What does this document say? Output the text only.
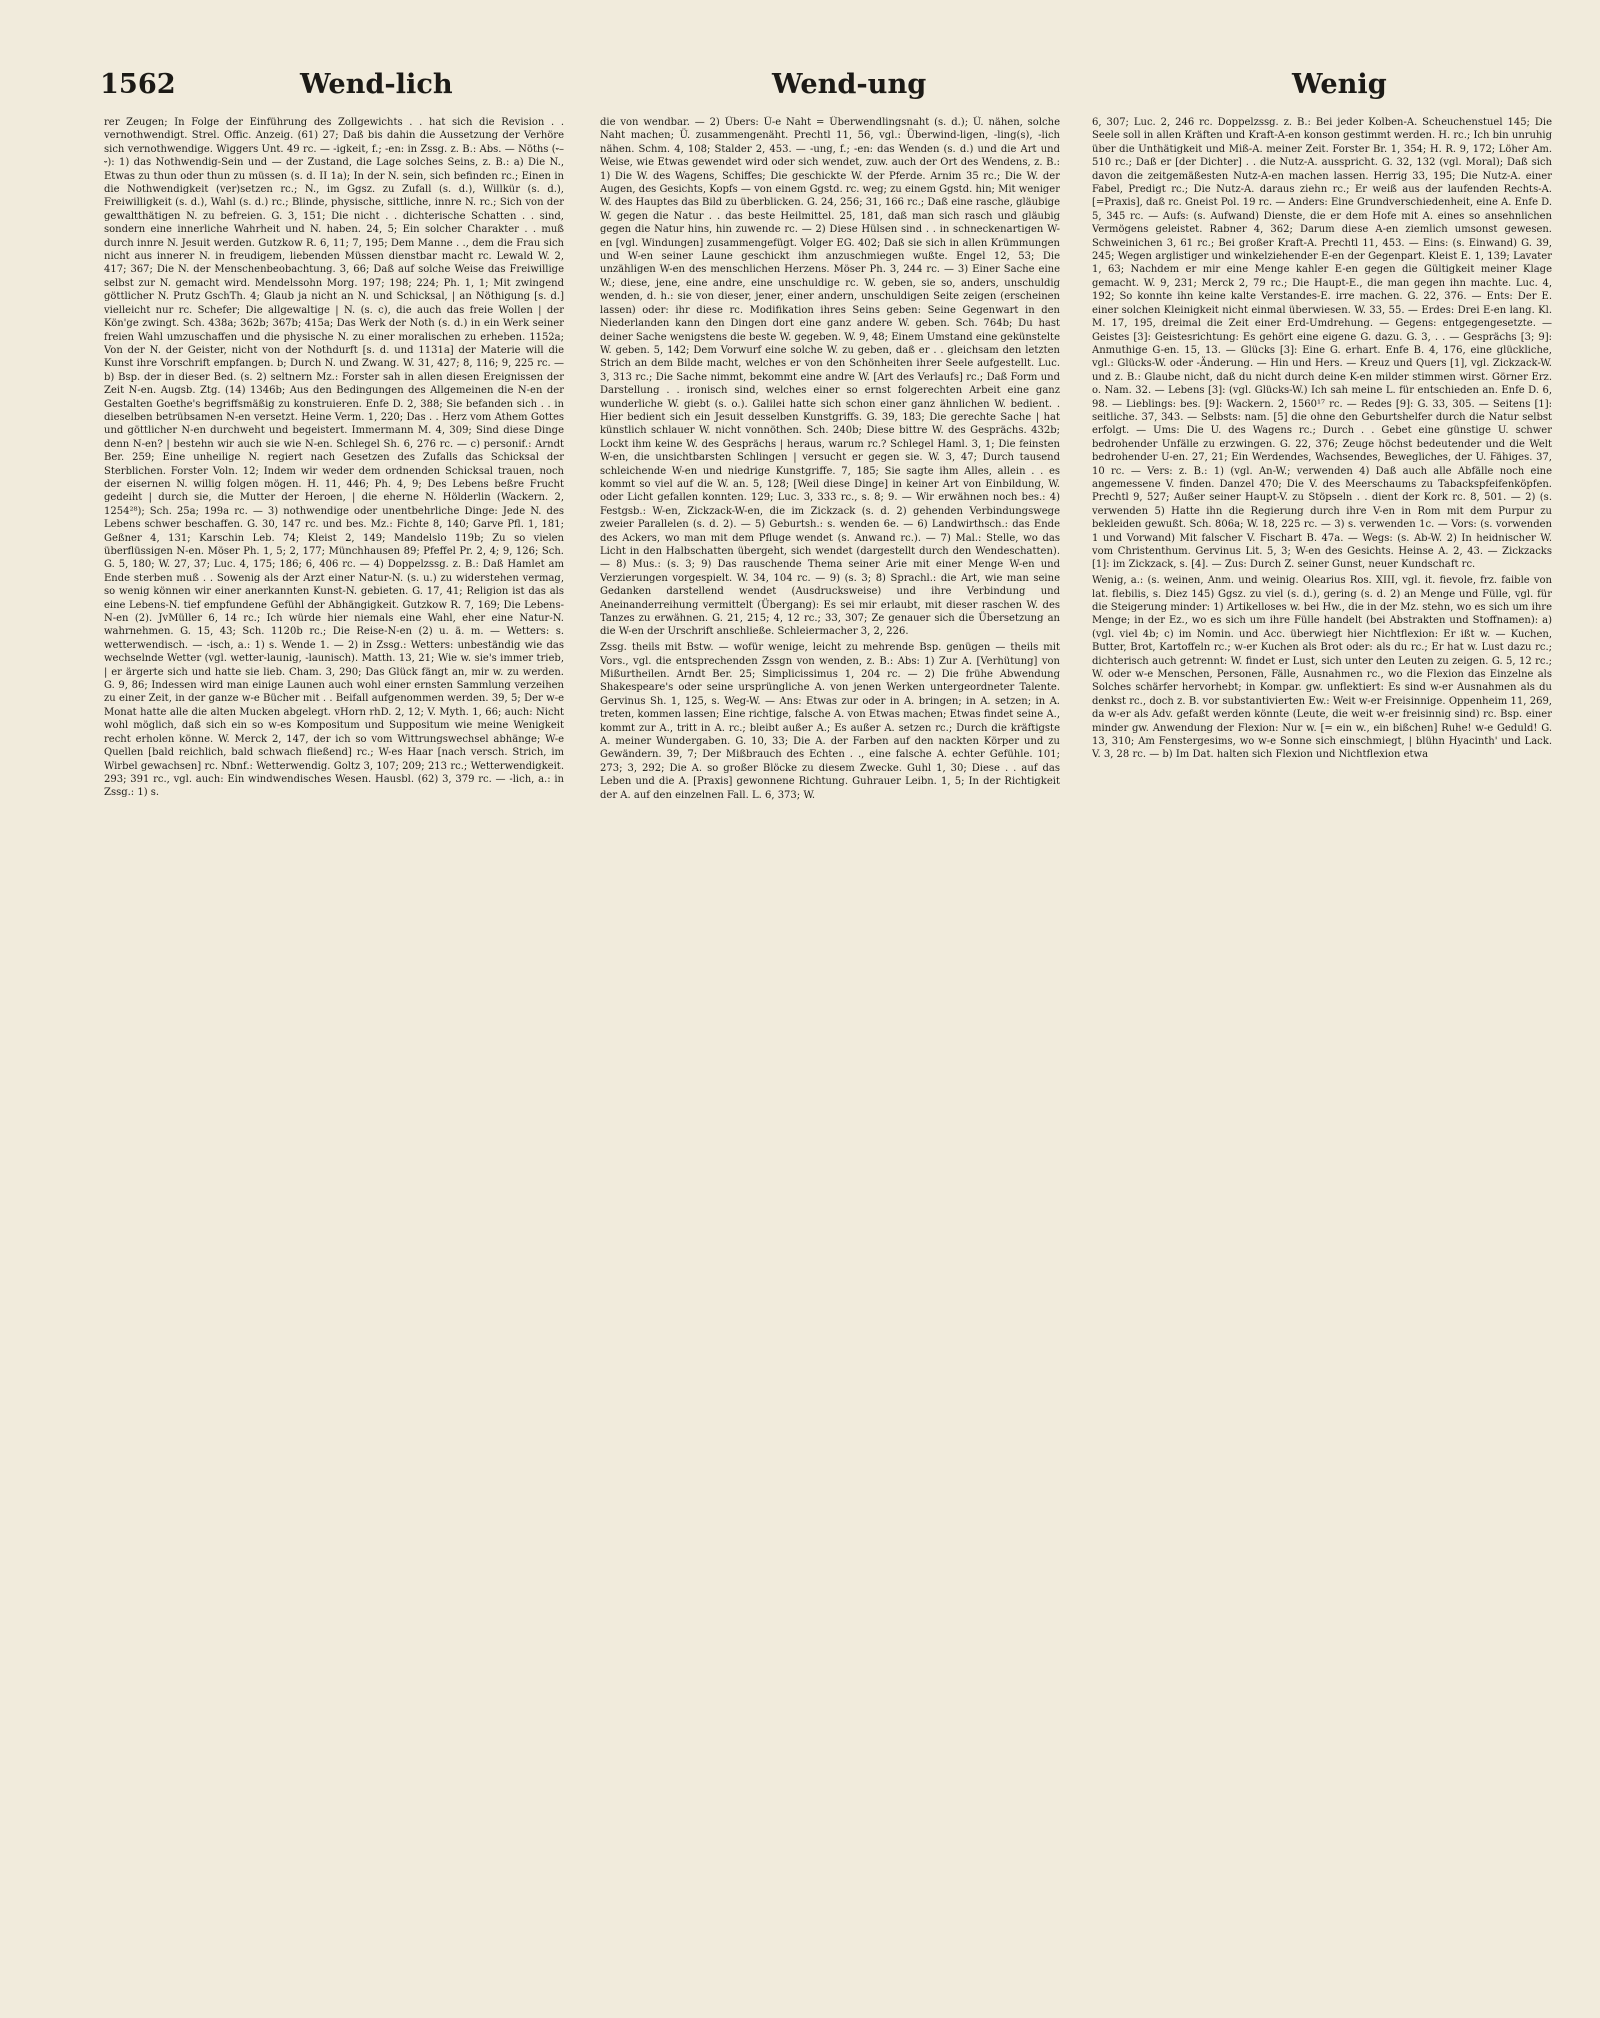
1562	Wend-lich	Wend-ung	Wenig

rer Zeugen; In Folge der Einführung des Zollgewichts . . hat sich die Revision . . vernothwendigt. Strel. Offic. Anzeig. (61) 27; Daß bis dahin die Aussetzung der Verhöre sich vernothwendige. Wiggers Unt. 49 rc. — -igkeit, f.; -en: in Zssg. z. B.: Abs. — Nöths (⏑–⏑): 1) das Nothwendig-Sein und — der Zustand, die Lage solches Seins, z. B.: a) Die N., Etwas zu thun oder thun zu müssen (s. d. II 1a); In der N. sein, sich befinden rc.; Einen in die Nothwendigkeit (ver)setzen rc.; N., im Ggsz. zu Zufall (s. d.), Willkür (s. d.), Freiwilligkeit (s. d.), Wahl (s. d.) rc.; Blinde, physische, sittliche, innre N. rc.; Sich von der gewaltthätigen N. zu befreien. G. 3, 151; Die nicht . . dichterische Schatten . . sind, sondern eine innerliche Wahrheit und N. haben. 24, 5; Ein solcher Charakter . . muß durch innre N. Jesuit werden. Gutzkow R. 6, 11; 7, 195; Dem Manne . ., dem die Frau sich nicht aus innerer N. in freudigem, liebenden Müssen dienstbar macht rc. Lewald W. 2, 417; 367; Die N. der Menschenbeobachtung. 3, 66; Daß auf solche Weise das Freiwillige selbst zur N. gemacht wird. Mendelssohn Morg. 197; 198; 224; Ph. 1, 1; Mit zwingend göttlicher N. Prutz GschTh. 4; Glaub ja nicht an N. und Schicksal, | an Nöthigung [s. d.] vielleicht nur rc. Schefer; Die allgewaltige | N. (s. c), die auch das freie Wollen | der Kön'ge zwingt. Sch. 438a; 362b; 367b; 415a; Das Werk der Noth (s. d.) in ein Werk seiner freien Wahl umzuschaffen und die physische N. zu einer moralischen zu erheben. 1152a; Von der N. der Geister, nicht von der Nothdurft [s. d. und 1131a] der Materie will die Kunst ihre Vorschrift empfangen. b; Durch N. und Zwang. W. 31, 427; 8, 116; 9, 225 rc. — b) Bsp. der in dieser Bed. (s. 2) seltnern Mz.: Forster sah in allen diesen Ereignissen der Zeit N-en. Augsb. Ztg. (14) 1346b; Aus den Bedingungen des Allgemeinen die N-en der Gestalten Goethe's begriffsmäßig zu konstruieren. Enfe D. 2, 388; Sie befanden sich . . in dieselben betrübsamen N-en versetzt. Heine Verm. 1, 220; Das . . Herz vom Athem Gottes und göttlicher N-en durchweht und begeistert. Immermann M. 4, 309; Sind diese Dinge denn N-en? | bestehn wir auch sie wie N-en. Schlegel Sh. 6, 276 rc. — c) personif.: Arndt Ber. 259; Eine unheilige N. regiert nach Gesetzen des Zufalls das Schicksal der Sterblichen. Forster Voln. 12; Indem wir weder dem ordnenden Schicksal trauen, noch der eisernen N. willig folgen mögen. H. 11, 446; Ph. 4, 9; Des Lebens beßre Frucht gedeiht | durch sie, die Mutter der Heroen, | die eherne N. Hölderlin (Wackern. 2, 1254²⁸); Sch. 25a; 199a rc. — 3) nothwendige oder unentbehrliche Dinge: Jede N. des Lebens schwer beschaffen. G. 30, 147 rc. und bes. Mz.: Fichte 8, 140; Garve Pfl. 1, 181; Geßner 4, 131; Karschin Leb. 74; Kleist 2, 149; Mandelslo 119b; Zu so vielen überflüssigen N-en. Möser Ph. 1, 5; 2, 177; Münchhausen 89; Pfeffel Pr. 2, 4; 9, 126; Sch. G. 5, 180; W. 27, 37; Luc. 4, 175; 186; 6, 406 rc. — 4) Doppelzssg. z. B.: Daß Hamlet am Ende sterben muß . . Sowenig als der Arzt einer Natur-N. (s. u.) zu widerstehen vermag, so wenig können wir einer anerkannten Kunst-N. gebieten. G. 17, 41; Religion ist das als eine Lebens-N. tief empfundene Gefühl der Abhängigkeit. Gutzkow R. 7, 169; Die Lebens-N-en (2). JvMüller 6, 14 rc.; Ich würde hier niemals eine Wahl, eher eine Natur-N. wahrnehmen. G. 15, 43; Sch. 1120b rc.; Die Reise-N-en (2) u. ä. m. — Wetters: s. wetterwendisch. — -isch, a.: 1) s. Wende 1. — 2) in Zssg.: Wetters: unbeständig wie das wechselnde Wetter (vgl. wetter-launig, -launisch). Matth. 13, 21; Wie w. sie's immer trieb, | er ärgerte sich und hatte sie lieb. Cham. 3, 290; Das Glück fängt an, mir w. zu werden. G. 9, 86; Indessen wird man einige Launen auch wohl einer ernsten Sammlung verzeihen zu einer Zeit, in der ganze w-e Bücher mit . . Beifall aufgenommen werden. 39, 5; Der w-e Monat hatte alle die alten Mucken abgelegt. vHorn rhD. 2, 12; V. Myth. 1, 66; auch: Nicht wohl möglich, daß sich ein so w-es Kompositum und Suppositum wie meine Wenigkeit recht erholen könne. W. Merck 2, 147, der ich so vom Wittrungswechsel abhänge; W-e Quellen [bald reichlich, bald schwach fließend] rc.; W-es Haar [nach versch. Strich, im Wirbel gewachsen] rc. Nbnf.: Wetterwendig. Goltz 3, 107; 209; 213 rc.; Wetterwendigkeit. 293; 391 rc., vgl. auch: Ein windwendisches Wesen. Hausbl. (62) 3, 379 rc. — -lich, a.: in Zssg.: 1) s.

die von wendbar. — 2) Übers: Ü-e Naht = Überwendlingsnaht (s. d.); Ü. nähen, solche Naht machen; Ü. zusammengenäht. Prechtl 11, 56, vgl.: Überwind-ligen, -ling(s), -lich nähen. Schm. 4, 108; Stalder 2, 453. — -ung, f.; -en: das Wenden (s. d.) und die Art und Weise, wie Etwas gewendet wird oder sich wendet, zuw. auch der Ort des Wendens, z. B.: 1) Die W. des Wagens, Schiffes; Die geschickte W. der Pferde. Arnim 35 rc.; Die W. der Augen, des Gesichts, Kopfs — von einem Ggstd. rc. weg; zu einem Ggstd. hin; Mit weniger W. des Hauptes das Bild zu überblicken. G. 24, 256; 31, 166 rc.; Daß eine rasche, gläubige W. gegen die Natur . . das beste Heilmittel. 25, 181, daß man sich rasch und gläubig gegen die Natur hins, hin zuwende rc. — 2) Diese Hülsen sind . . in schneckenartigen W-en [vgl. Windungen] zusammengefügt. Volger EG. 402; Daß sie sich in allen Krümmungen und W-en seiner Laune geschickt ihm anzuschmiegen wußte. Engel 12, 53; Die unzähligen W-en des menschlichen Herzens. Möser Ph. 3, 244 rc. — 3) Einer Sache eine W.; diese, jene, eine andre, eine unschuldige rc. W. geben, sie so, anders, unschuldig wenden, d. h.: sie von dieser, jener, einer andern, unschuldigen Seite zeigen (erscheinen lassen) oder: ihr diese rc. Modifikation ihres Seins geben: Seine Gegenwart in den Niederlanden kann den Dingen dort eine ganz andere W. geben. Sch. 764b; Du hast deiner Sache wenigstens die beste W. gegeben. W. 9, 48; Einem Umstand eine gekünstelte W. geben. 5, 142; Dem Vorwurf eine solche W. zu geben, daß er . . gleichsam den letzten Strich an dem Bilde macht, welches er von den Schönheiten ihrer Seele aufgestellt. Luc. 3, 313 rc.; Die Sache nimmt, bekommt eine andre W. [Art des Verlaufs] rc.; Daß Form und Darstellung . . ironisch sind, welches einer so ernst folgerechten Arbeit eine ganz wunderliche W. giebt (s. o.). Galilei hatte sich schon einer ganz ähnlichen W. bedient. . Hier bedient sich ein Jesuit desselben Kunstgriffs. G. 39, 183; Die gerechte Sache | hat künstlich schlauer W. nicht vonnöthen. Sch. 240b; Diese bittre W. des Gesprächs. 432b; Lockt ihm keine W. des Gesprächs | heraus, warum rc.? Schlegel Haml. 3, 1; Die feinsten W-en, die unsichtbarsten Schlingen | versucht er gegen sie. W. 3, 47; Durch tausend schleichende W-en und niedrige Kunstgriffe. 7, 185; Sie sagte ihm Alles, allein . . es kommt so viel auf die W. an. 5, 128; [Weil diese Dinge] in keiner Art von Einbildung, W. oder Licht gefallen konnten. 129; Luc. 3, 333 rc., s. 8; 9. — Wir erwähnen noch bes.: 4) Festgsb.: W-en, Zickzack-W-en, die im Zickzack (s. d. 2) gehenden Verbindungswege zweier Parallelen (s. d. 2). — 5) Geburtsh.: s. wenden 6e. — 6) Landwirthsch.: das Ende des Ackers, wo man mit dem Pfluge wendet (s. Anwand rc.). — 7) Mal.: Stelle, wo das Licht in den Halbschatten übergeht, sich wendet (dargestellt durch den Wendeschatten). — 8) Mus.: (s. 3; 9) Das rauschende Thema seiner Arie mit einer Menge W-en und Verzierungen vorgespielt. W. 34, 104 rc. — 9) (s. 3; 8) Sprachl.: die Art, wie man seine Gedanken darstellend wendet (Ausdrucksweise) und ihre Verbindung und Aneinanderreihung vermittelt (Übergang): Es sei mir erlaubt, mit dieser raschen W. des Tanzes zu erwähnen. G. 21, 215; 4, 12 rc.; 33, 307; Ze genauer sich die Übersetzung an die W-en der Urschrift anschließe. Schleiermacher 3, 2, 226.

Zssg. theils mit Bstw. — wofür wenige, leicht zu mehrende Bsp. genügen — theils mit Vors., vgl. die entsprechenden Zssgn von wenden, z. B.: Abs: 1) Zur A. [Verhütung] von Mißurtheilen. Arndt Ber. 25; Simplicissimus 1, 204 rc. — 2) Die frühe Abwendung Shakespeare's oder seine ursprüngliche A. von jenen Werken untergeordneter Talente. Gervinus Sh. 1, 125, s. Weg-W. — Ans: Etwas zur oder in A. bringen; in A. setzen; in A. treten, kommen lassen; Eine richtige, falsche A. von Etwas machen; Etwas findet seine A., kommt zur A., tritt in A. rc.; bleibt außer A.; Es außer A. setzen rc.; Durch die kräftigste A. meiner Wundergaben. G. 10, 33; Die A. der Farben auf den nackten Körper und zu Gewändern. 39, 7; Der Mißbrauch des Echten . ., eine falsche A. echter Gefühle. 101; 273; 3, 292; Die A. so großer Blöcke zu diesem Zwecke. Guhl 1, 30; Diese . . auf das Leben und die A. [Praxis] gewonnene Richtung. Guhrauer Leibn. 1, 5; In der Richtigkeit der A. auf den einzelnen Fall. L. 6, 373; W.

6, 307; Luc. 2, 246 rc. Doppelzssg. z. B.: Bei jeder Kolben-A. Scheuchenstuel 145; Die Seele soll in allen Kräften und Kraft-A-en konson gestimmt werden. H. rc.; Ich bin unruhig über die Unthätigkeit und Miß-A. meiner Zeit. Forster Br. 1, 354; H. R. 9, 172; Löher Am. 510 rc.; Daß er [der Dichter] . . die Nutz-A. ausspricht. G. 32, 132 (vgl. Moral); Daß sich davon die zeitgemäßesten Nutz-A-en machen lassen. Herrig 33, 195; Die Nutz-A. einer Fabel, Predigt rc.; Die Nutz-A. daraus ziehn rc.; Er weiß aus der laufenden Rechts-A. [=Praxis], daß rc. Gneist Pol. 19 rc. — Anders: Eine Grundverschiedenheit, eine A. Enfe D. 5, 345 rc. — Aufs: (s. Aufwand) Dienste, die er dem Hofe mit A. eines so ansehnlichen Vermögens geleistet. Rabner 4, 362; Darum diese A-en ziemlich umsonst gewesen. Schweinichen 3, 61 rc.; Bei großer Kraft-A. Prechtl 11, 453. — Eins: (s. Einwand) G. 39, 245; Wegen arglistiger und winkelziehender E-en der Gegenpart. Kleist E. 1, 139; Lavater 1, 63; Nachdem er mir eine Menge kahler E-en gegen die Gültigkeit meiner Klage gemacht. W. 9, 231; Merck 2, 79 rc.; Die Haupt-E., die man gegen ihn machte. Luc. 4, 192; So konnte ihn keine kalte Verstandes-E. irre machen. G. 22, 376. — Ents: Der E. einer solchen Kleinigkeit nicht einmal überwiesen. W. 33, 55. — Erdes: Drei E-en lang. Kl. M. 17, 195, dreimal die Zeit einer Erd-Umdrehung. — Gegens: entgegengesetzte. — Geistes [3]: Geistesrichtung: Es gehört eine eigene G. dazu. G. 3, . . — Gesprächs [3; 9]: Anmuthige G-en. 15, 13. — Glücks [3]: Eine G. erhart. Enfe B. 4, 176, eine glückliche, vgl.: Glücks-W. oder -Änderung. — Hin und Hers. — Kreuz und Quers [1], vgl. Zickzack-W. und z. B.: Glaube nicht, daß du nicht durch deine K-en milder stimmen wirst. Görner Erz. o. Nam. 32. — Lebens [3]: (vgl. Glücks-W.) Ich sah meine L. für entschieden an. Enfe D. 6, 98. — Lieblings: bes. [9]: Wackern. 2, 1560¹⁷ rc. — Redes [9]: G. 33, 305. — Seitens [1]: seitliche. 37, 343. — Selbsts: nam. [5] die ohne den Geburtshelfer durch die Natur selbst erfolgt. — Ums: Die U. des Wagens rc.; Durch . . Gebet eine günstige U. schwer bedrohender Unfälle zu erzwingen. G. 22, 376; Zeuge höchst bedeutender und die Welt bedrohender U-en. 27, 21; Ein Werdendes, Wachsendes, Bewegliches, der U. Fähiges. 37, 10 rc. — Vers: z. B.: 1) (vgl. An-W.; verwenden 4) Daß auch alle Abfälle noch eine angemessene V. finden. Danzel 470; Die V. des Meerschaums zu Tabackspfeifenköpfen. Prechtl 9, 527; Außer seiner Haupt-V. zu Stöpseln . . dient der Kork rc. 8, 501. — 2) (s. verwenden 5) Hatte ihn die Regierung durch ihre V-en in Rom mit dem Purpur zu bekleiden gewußt. Sch. 806a; W. 18, 225 rc. — 3) s. verwenden 1c. — Vors: (s. vorwenden 1 und Vorwand) Mit falscher V. Fischart B. 47a. — Wegs: (s. Ab-W. 2) In heidnischer W. vom Christenthum. Gervinus Lit. 5, 3; W-en des Gesichts. Heinse A. 2, 43. — Zickzacks [1]: im Zickzack, s. [4]. — Zus: Durch Z. seiner Gunst, neuer Kundschaft rc.

Wenig, a.: (s. weinen, Anm. und weinig. Olearius Ros. XIII, vgl. it. fievole, frz. faible von lat. flebilis, s. Diez 145) Ggsz. zu viel (s. d.), gering (s. d. 2) an Menge und Fülle, vgl. für die Steigerung minder: 1) Artikelloses w. bei Hw., die in der Mz. stehn, wo es sich um ihre Menge; in der Ez., wo es sich um ihre Fülle handelt (bei Abstrakten und Stoffnamen): a) (vgl. viel 4b; c) im Nomin. und Acc. überwiegt hier Nichtflexion: Er ißt w. — Kuchen, Butter, Brot, Kartoffeln rc.; w-er Kuchen als Brot oder: als du rc.; Er hat w. Lust dazu rc.; dichterisch auch getrennt: W. findet er Lust, sich unter den Leuten zu zeigen. G. 5, 12 rc.; W. oder w-e Menschen, Personen, Fälle, Ausnahmen rc., wo die Flexion das Einzelne als Solches schärfer hervorhebt; in Kompar. gw. unflektiert: Es sind w-er Ausnahmen als du denkst rc., doch z. B. vor substantivierten Ew.: Weit w-er Freisinnige. Oppenheim 11, 269, da w-er als Adv. gefaßt werden könnte (Leute, die weit w-er freisinnig sind) rc. Bsp. einer minder gw. Anwendung der Flexion: Nur w. [= ein w., ein bißchen] Ruhe! w-e Geduld! G. 13, 310; Am Fenstergesims, wo w-e Sonne sich einschmiegt, | blühn Hyacinth' und Lack. V. 3, 28 rc. — b) Im Dat. halten sich Flexion und Nichtflexion etwa
